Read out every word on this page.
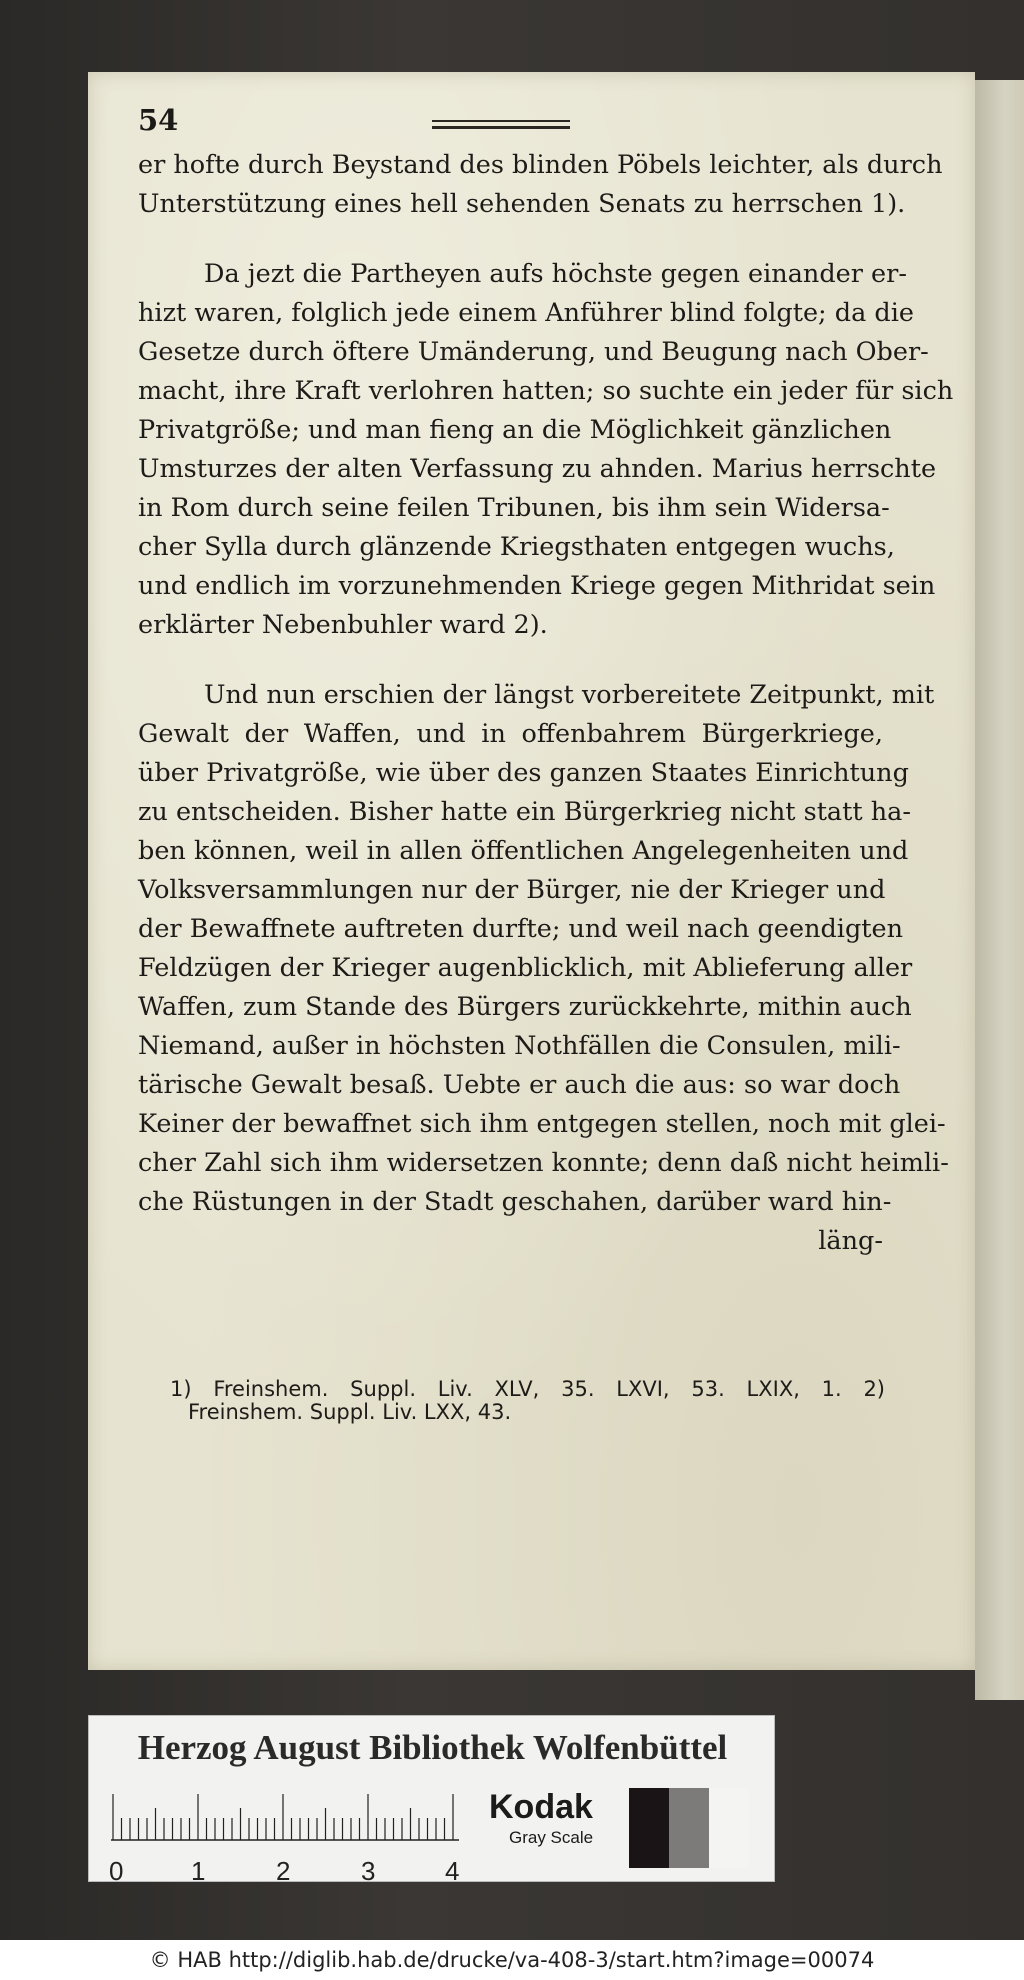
54
er hofte durch Beystand des blinden Pöbels leichter, als durch
Unterstützung eines hell sehenden Senats zu herrschen 1).
Da jezt die Partheyen aufs höchste gegen einander er-
hizt waren, folglich jede einem Anführer blind folgte; da die
Gesetze durch öftere Umänderung, und Beugung nach Ober-
macht, ihre Kraft verlohren hatten; so suchte ein jeder für sich
Privatgröße; und man fieng an die Möglichkeit gänzlichen
Umsturzes der alten Verfassung zu ahnden. Marius herrschte
in Rom durch seine feilen Tribunen, bis ihm sein Widersa-
cher Sylla durch glänzende Kriegsthaten entgegen wuchs,
und endlich im vorzunehmenden Kriege gegen Mithridat sein
erklärter Nebenbuhler ward 2).
Und nun erschien der längst vorbereitete Zeitpunkt, mit
Gewalt der Waffen, und in offenbahrem Bürgerkriege,
über Privatgröße, wie über des ganzen Staates Einrichtung
zu entscheiden. Bisher hatte ein Bürgerkrieg nicht statt ha-
ben können, weil in allen öffentlichen Angelegenheiten und
Volksversammlungen nur der Bürger, nie der Krieger und
der Bewaffnete auftreten durfte; und weil nach geendigten
Feldzügen der Krieger augenblicklich, mit Ablieferung aller
Waffen, zum Stande des Bürgers zurückkehrte, mithin auch
Niemand, außer in höchsten Nothfällen die Consulen, mili-
tärische Gewalt besaß. Uebte er auch die aus: so war doch
Keiner der bewaffnet sich ihm entgegen stellen, noch mit glei-
cher Zahl sich ihm widersetzen konnte; denn daß nicht heimli-
che Rüstungen in der Stadt geschahen, darüber ward hin-
läng-
1) Freinshem. Suppl. Liv. XLV, 35. LXVI, 53. LXIX, 1. 2)
Freinshem. Suppl. Liv. LXX, 43.
Herzog August Bibliothek Wolfenbüttel
0	1	2	3	4
Kodak
Gray Scale
© HAB http://diglib.hab.de/drucke/va-408-3/start.htm?image=00074
